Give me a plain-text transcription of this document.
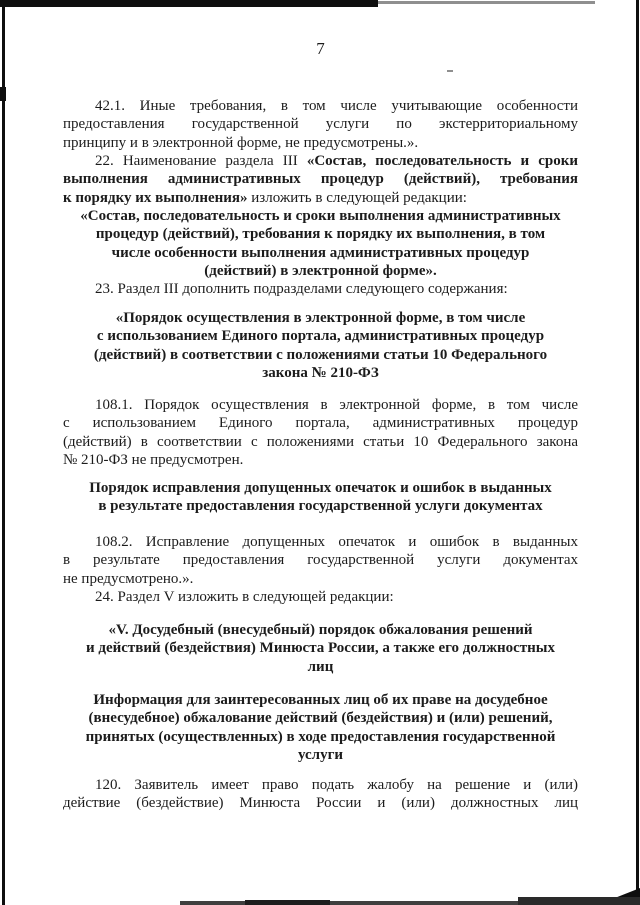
7
42.1. Иные требования, в том числе учитывающие особенности
предоставления государственной услуги по экстерриториальному
принципу и в электронной форме, не предусмотрены.».
22. Наименование раздела III «Состав, последовательность и сроки
выполнения административных процедур (действий), требования
к порядку их выполнения» изложить в следующей редакции:
«Состав, последовательность и сроки выполнения административных
процедур (действий), требования к порядку их выполнения, в том
числе особенности выполнения административных процедур
(действий) в электронной форме».
23. Раздел III дополнить подразделами следующего содержания:
«Порядок осуществления в электронной форме, в том числе
с использованием Единого портала, административных процедур
(действий) в соответствии с положениями статьи 10 Федерального
закона № 210-ФЗ
108.1. Порядок осуществления в электронной форме, в том числе
с использованием Единого портала, административных процедур
(действий) в соответствии с положениями статьи 10 Федерального закона
№ 210-ФЗ не предусмотрен.
Порядок исправления допущенных опечаток и ошибок в выданных
в результате предоставления государственной услуги документах
108.2. Исправление допущенных опечаток и ошибок в выданных
в результате предоставления государственной услуги документах
не предусмотрено.».
24. Раздел V изложить в следующей редакции:
«V. Досудебный (внесудебный) порядок обжалования решений
и действий (бездействия) Минюста России, а также его должностных
лиц
Информация для заинтересованных лиц об их праве на досудебное
(внесудебное) обжалование действий (бездействия) и (или) решений,
принятых (осуществленных) в ходе предоставления государственной
услуги
120. Заявитель имеет право подать жалобу на решение и (или)
действие (бездействие) Минюста России и (или) должностных лиц
